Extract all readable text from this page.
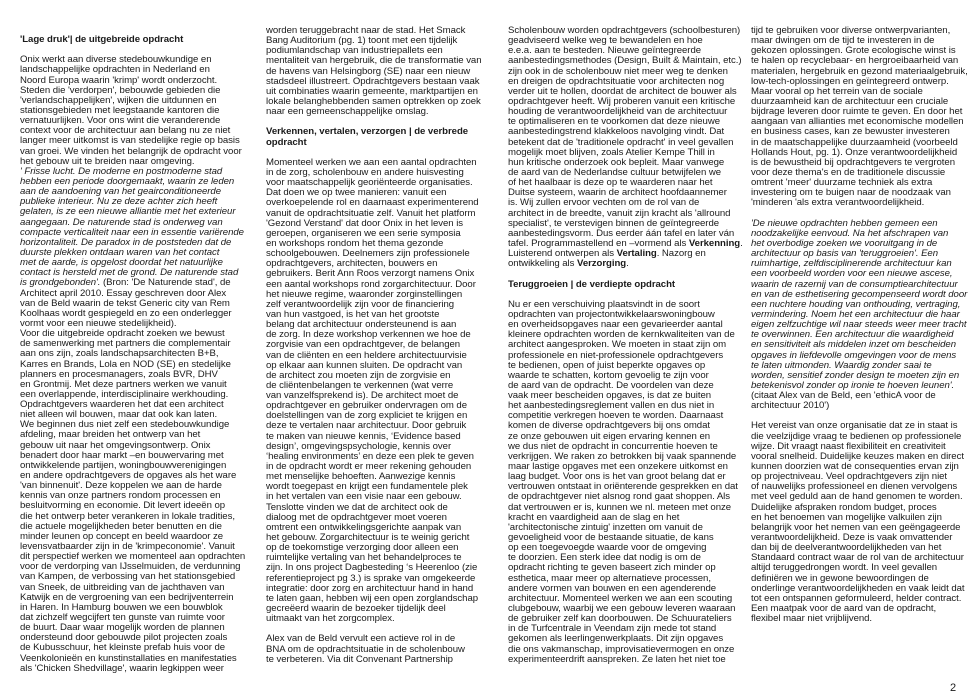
'Lage druk'| de uitgebreide opdracht
Onix werkt aan diverse stedebouwkundige en
landschappelijke opdrachten in Nederland en
Noord Europa waarin 'krimp' wordt onderzocht.
Steden die 'verdorpen', bebouwde gebieden die
'verlandschappelijken', wijken die uitdunnen en
stationsgebieden met leegstaande kantoren die
vernatuurlijken. Voor ons wint die veranderende
context voor de architectuur aan belang nu ze niet
langer meer uitkomst is van stedelijke regie op basis
van groei. We vinden het belangrijk de opdracht voor
het gebouw uit te breiden naar omgeving.
' Frisse lucht. De moderne en postmoderne stad
hebben een periode doorgemaakt, waarin ze leden
aan de aandoening van het geairconditioneerde
publieke interieur. Nu ze deze achter zich heeft
gelaten, is ze een nieuwe alliantie met het exterieur
aangegaan. De naturende stad is onderweg van
compacte verticaliteit naar een in essentie variërende
horizontaliteit. De paradox in de poststeden dat de
duurste plekken ontdaan waren van het contact
met de aarde, is opgelost doordat het natuurlijke
contact is hersteld met de grond. De naturende stad
is grondgebonden'. (Bron: 'De Naturende stad', de
Architect april 2010. Essay geschreven door Alex
van de Beld waarin de tekst Generic city van Rem
Koolhaas wordt gespiegeld en zo een onderlegger
vormt voor een nieuwe stedelijkheid).
Voor die uitgebreide opdracht zoeken we bewust
de samenwerking met partners die complementair
aan ons zijn, zoals landschapsarchitecten B+B,
Karres en Brands, Lola en NOD (SE) en stedelijke
planners en procesmanagers, zoals BVR, DHV
en Grontmij. Met deze partners werken we vanuit
een overlappende, interdisciplinaire werkhouding.
Opdrachtgevers waarderen het dat een architect
niet alleen wil bouwen, maar dat ook kan laten.
We beginnen dus niet zelf een stedebouwkundige
afdeling, maar breiden het ontwerp van het
gebouw uit naar het omgevingsontwerp. Onix
benadert door haar markt –en bouwervaring met
ontwikkelende partijen, woningbouwverenigingen
en andere opdrachtgevers de opgaves als het ware
'van binnenuit'. Deze koppelen we aan de harde
kennis van onze partners rondom processen en
besluitvorming en economie. Dit levert ideeën op
die het ontwerp beter verankeren in lokale tradities,
die actuele mogelijkheden beter benutten en die
minder leunen op concept en beeld waardoor ze
levensvatbaarder zijn in de 'krimpeconomie'. Vanuit
dit perspectief werken we momenteel aan opdrachten
voor de verdorping van IJsselmuiden, de verdunning
van Kampen, de verbossing van het stationsgebied
van Sneek, de uitbreiding van de jachthaven van
Katwijk en de vergroening van een bedrijventerrein
in Haren. In Hamburg bouwen we een bouwblok
dat zichzelf wegcijfert ten gunste van ruimte voor
de buurt. Daar waar mogelijk worden de plannen
ondersteund door gebouwde pilot projecten zoals
de Kubusschuur, het kleinste prefab huis voor de
Veenkolonieën en kunstinstallaties en manifestaties
als 'Chicken Shedvillage', waarin legkippen weer
worden teruggebracht naar de stad. Het Smack
Bang Auditorium (pg. 1) toont met een tijdelijk
podiumlandschap van industriepallets een
mentaliteit van hergebruik, die de transformatie van
de havens van Helsingborg (SE) naar een nieuw
stadsdeel illustreert. Opdrachtgevers bestaan vaak
uit combinaties waarin gemeente, marktpartijen en
lokale belanghebbenden samen optrekken op zoek
naar een gemeenschappelijke omslag.
Verkennen, vertalen, verzorgen | de verbrede
opdracht
Momenteel werken we aan een aantal opdrachten
in de zorg, scholenbouw en andere huisvesting
voor maatschappelijk georiënteerde organisaties.
Dat doen we op twee manieren: vanuit een
overkoepelende rol en daarnaast experimenterend
vanuit de opdrachtsituatie zelf. Vanuit het platform
'Gezond Verstand' dat door Onix in het leven is
geroepen, organiseren we een serie symposia
en workshops rondom het thema gezonde
schoolgebouwen. Deelnemers zijn professionele
opdrachtgevers, architecten, bouwers en
gebruikers. Berit Ann Roos verzorgt namens Onix
een aantal workshops rond zorgarchitectuur. Door
het nieuwe regime, waaronder zorginstellingen
zelf verantwoordelijk zijn voor de financiering
van hun vastgoed, is het van het grootste
belang dat architectuur ondersteunend is aan
de zorg. In deze workshop verkennen we hoe de
zorgvisie van een opdrachtgever, de belangen
van de cliënten en een heldere architectuurvisie
op elkaar aan kunnen sluiten. De opdracht van
de architect zou moeten zijn de zorgvisie en
de cliëntenbelangen te verkennen (wat verre
van vanzelfsprekend is). De architect moet de
opdrachtgever en gebruiker ondervragen om de
doelstellingen van de zorg expliciet te krijgen en
deze te vertalen naar architectuur. Door gebruik
te maken van nieuwe kennis, ‘Evidence based
design’, omgevingspsychologie, kennis over
‘healing environments’ en deze een plek te geven
in de opdracht wordt er meer rekening gehouden
met menselijke behoeften. Aanwezige kennis
wordt toegepast en krijgt een fundamentele plek
in het vertalen van een visie naar een gebouw.
Tenslotte vinden we dat de architect ook de
dialoog met de opdrachtgever moet voeren
omtrent een ontwikkelingsgerichte aanpak van
het gebouw. Zorgarchitectuur is te weinig gericht
op de toekomstige verzorging door alleen een
ruimtelijke vertaling van het behandelproces te
zijn. In ons project Dagbesteding ‘s Heerenloo (zie
referentieproject pg 3.) is sprake van omgekeerde
integratie: door zorg en architectuur hand in hand
te laten gaan, hebben wij een open zorglandschap
gecreëerd waarin de bezoeker tijdelijk deel
uitmaakt van het zorgcomplex.
Alex van de Beld vervult een actieve rol in de
BNA om de opdrachtsituatie in de scholenbouw
te verbeteren. Via dit Convenant Partnership
Scholenbouw worden opdrachtgevers (schoolbesturen)
geadviseerd welke weg te bewandelen en hoe
e.e.a. aan te besteden. Nieuwe geïntegreerde
aanbestedingsmethodes (Design, Built & Maintain, etc.)
zijn ook in de scholenbouw niet meer weg te denken
en dreigen de opdrachtsituatie voor architecten nog
verder uit te hollen, doordat de architect de bouwer als
opdrachtgever heeft. Wij proberen vanuit een kritische
houding de verantwoordelijkheid van de architectuur
te optimaliseren en te voorkomen dat deze nieuwe
aanbestedingstrend klakkeloos navolging vindt. Dat
betekent dat de 'traditionele opdracht' in veel gevallen
mogelijk moet blijven, zoals Atelier Kempe Thill in
hun kritische onderzoek ook bepleit. Maar vanwege
de aard van de Nederlandse cultuur betwijfelen we
of het haalbaar is deze op te waarderen naar het
Duitse systeem, waarin de architect hoofdaannemer
is. Wij zullen ervoor vechten om de rol van de
architect in de breedte, vanuit zijn kracht als 'allround
specialist', te verstevigen binnen de geïntegreerde
aanbestedingsvorm. Dus eerder áán tafel en later ván
tafel. Programmastellend en –vormend als Verkenning.
Luisterend ontwerpen als Vertaling. Nazorg en
ontwikkeling als Verzorging.
Teruggroeien | de verdiepte opdracht
Nu er een verschuiving plaatsvindt in de soort
opdrachten van projectontwikkelaarswoningbouw
en overheidsopgaves naar een gevarieerder aantal
kleinere opdrachten worden de kernkwaliteiten van de
architect aangesproken. We moeten in staat zijn om
professionele en niet-professionele opdrachtgevers
te bedienen, open of juist beperkte opgaves op
waarde te schatten, kortom gevoelig te zijn voor
de aard van de opdracht. De voordelen van deze
vaak meer bescheiden opgaves, is dat ze buiten
het aanbestedingsreglement vallen en dus niet in
competitie verkregen hoeven te worden. Daarnaast
komen de diverse opdrachtgevers bij ons omdat
ze onze gebouwen uit eigen ervaring kennen en
we dus niet de opdracht in concurrentie hoeven te
verkrijgen. We raken zo betrokken bij vaak spannende
maar lastige opgaves met een onzekere uitkomst en
laag budget. Voor ons is het van groot belang dat er
vertrouwen ontstaat in oriënterende gesprekken en dat
de opdrachtgever niet alsnog rond gaat shoppen. Als
dat vertrouwen er is, kunnen we nl. meteen met onze
kracht en vaardigheid aan de slag en het
'architectonische zintuig' inzetten om vanuit de
gevoeligheid voor de bestaande situatie, de kans
op een toegevoegde waarde voor de omgeving
te doorzien. Een sterk idee dat nodig is om de
opdracht richting te geven baseert zich minder op
esthetica, maar meer op alternatieve processen,
andere vormen van bouwen en een agenderende
architectuur. Momenteel werken we aan een scouting
clubgebouw, waarbij we een gebouw leveren waaraan
de gebruiker zelf kan doorbouwen. De Schuurateliers
in de Turfcentrale in Veendam zijn mede tot stand
gekomen als leerlingenwerkplaats. Dit zijn opgaves
die ons vakmanschap, improvisatievermogen en onze
experimenteerdrift aanspreken. Ze laten het niet toe
tijd te gebruiken voor diverse ontwerpvarianten,
maar dwingen om de tijd te investeren in de
gekozen oplossingen. Grote ecologische winst is
te halen op recyclebaar- en hergroeibaarheid van
materialen, hergebruik en gezond materiaalgebruik,
low-tech-oplossingen en geïntegreerd ontwerp.
Maar vooral op het terrein van de sociale
duurzaamheid kan de architectuur een cruciale
bijdrage leveren door ruimte te geven. En door het
aangaan van allianties met economische modellen
en business cases, kan ze bewuster investeren
in de maatschappelijke duurzaamheid (voorbeeld
Hollands Hout, pg. 1). Onze verantwoordelijkheid
is de bewustheid bij opdrachtgevers te vergroten
voor deze thema's en de traditionele discussie
omtrent 'meer' duurzame techniek als extra
investering om te buigen naar de noodzaak van
'minderen 'als extra verantwoordelijkheid.
'De nieuwe opdrachten hebben gemeen een
noodzakelijke eenvoud. Na het afschrapen van
het overbodige zoeken we vooruitgang in de
architectuur op basis van 'teruggroeien'. Een
ruimhartige, zelfdisciplinerende architectuur kan
een voorbeeld worden voor een nieuwe ascese,
waarin de razernij van de consumptiearchitectuur
en van de esthetisering gecompenseerd wordt door
een nuchtere houding van onthouding, vertraging,
vermindering. Noem het een architectuur die haar
eigen zelfzuchtige wil naar steeds weer meer tracht
te overwinnen. Een architectuur die waardigheid
en sensitiviteit als middelen inzet om bescheiden
opgaves in liefdevolle omgevingen voor de mens
te laten uitmonden. Waardig zonder saai te
worden, sensitief zonder design te moeten zijn en
betekenisvol zonder op ironie te hoeven leunen'.
(citaat Alex van de Beld, een 'ethicA voor de
architectuur 2010')
Het vereist van onze organisatie dat ze in staat is
die veelzijdige vraag te bedienen op professionele
wijze. Dit vraagt naast flexibiliteit en creativiteit
vooral snelheid. Duidelijke keuzes maken en direct
kunnen doorzien wat de consequenties ervan zijn
op projectniveau. Veel opdrachtgevers zijn niet
of nauwelijks professioneel en dienen vervolgens
met veel geduld aan de hand genomen te worden.
Duidelijke afspraken rondom budget, proces
en het benoemen van mogelijke valkuilen zijn
belangrijk voor het nemen van een geëngageerde
verantwoordelijkheid. Deze is vaak omvattender
dan bij de deelverantwoordelijkheden van het
Standaard contract waar de rol van de architectuur
altijd teruggedrongen wordt. In veel gevallen
definiëren we in gewone bewoordingen de
onderlinge verantwoordelijkheden en vaak leidt dat
tot een ontspannen geformuleerd, helder contract.
Een maatpak voor de aard van de opdracht,
flexibel maar niet vrijblijvend.
2
